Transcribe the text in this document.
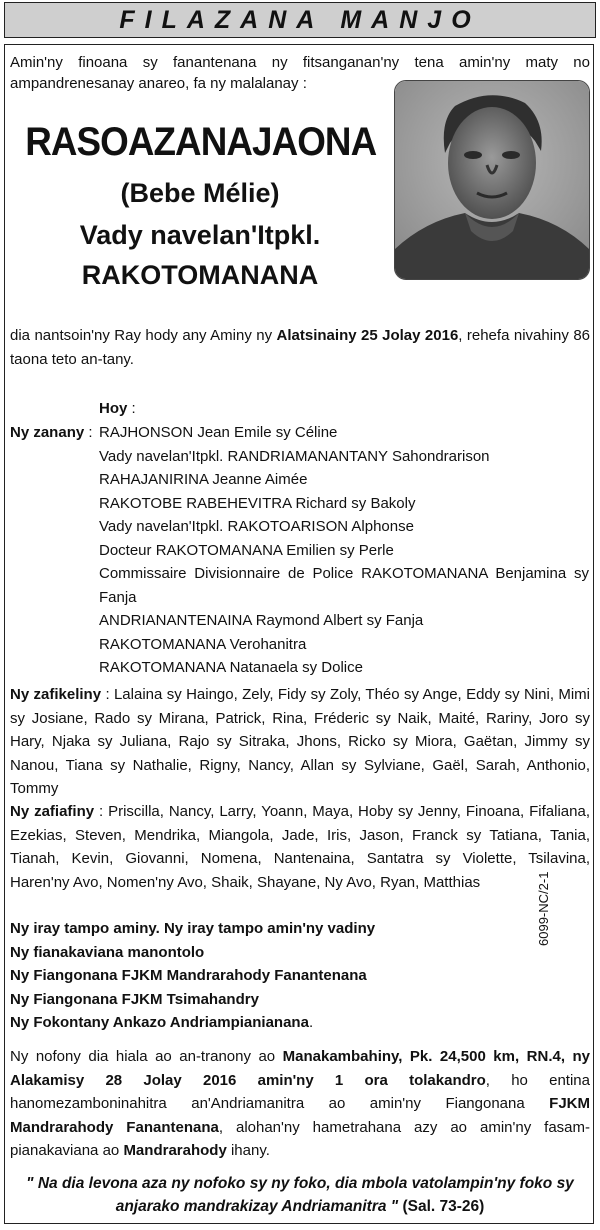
FILAZANA MANJO
Amin'ny finoana sy fanantenana ny fitsanganan'ny tena amin'ny maty no ampandrenesanay anareo, fa ny malalanay :
RASOAZANAJAONA
(Bebe Mélie)
Vady navelan'Itpkl.
RAKOTOMANANA
dia nantsoin'ny Ray hody any Aminy ny Alatsinainy 25 Jolay 2016, rehefa nivahiny 86 taona teto an-tany.
Hoy :
Ny zanany : RAJHONSON Jean Emile sy Céline
Vady navelan'Itpkl. RANDRIAMANANTANY Sahondrarison
RAHAJANIRINA Jeanne Aimée
RAKOTOBE RABEHEVITRA Richard sy Bakoly
Vady navelan'Itpkl. RAKOTOARISON Alphonse
Docteur RAKOTOMANANA Emilien sy Perle
Commissaire Divisionnaire de Police RAKOTOMANANA Benjamina sy Fanja
ANDRIANANTENAINA Raymond Albert sy Fanja
RAKOTOMANANA Verohanitra
RAKOTOMANANA Natanaela sy Dolice
Ny zafikeliny : Lalaina sy Haingo, Zely, Fidy sy Zoly, Théo sy Ange, Eddy sy Nini, Mimi sy Josiane, Rado sy Mirana, Patrick, Rina, Fréderic sy Naik, Maité, Rariny, Joro sy Hary, Njaka sy Juliana, Rajo sy Sitraka, Jhons, Ricko sy Miora, Gaëtan, Jimmy sy Nanou, Tiana sy Nathalie, Rigny, Nancy, Allan sy Sylviane, Gaël, Sarah, Anthonio, Tommy
Ny zafiafiny : Priscilla, Nancy, Larry, Yoann, Maya, Hoby sy Jenny, Finoana, Fifaliana, Ezekias, Steven, Mendrika, Miangola, Jade, Iris, Jason, Franck sy Tatiana, Tania, Tianah, Kevin, Giovanni, Nomena, Nantenaina, Santatra sy Violette, Tsilavina, Haren'ny Avo, Nomen'ny Avo, Shaik, Shayane, Ny Avo, Ryan, Matthias
Ny iray tampo aminy. Ny iray tampo amin'ny vadiny
Ny fianakaviana manontolo
Ny Fiangonana FJKM Mandrarahody Fanantenana
Ny Fiangonana FJKM Tsimahandry
Ny Fokontany Ankazo Andriampianianana.
6099-NC/2-1
Ny nofony dia hiala ao an-tranony ao Manakambahiny, Pk. 24,500 km, RN.4, ny Alakamisy 28 Jolay 2016 amin'ny 1 ora tolakandro, ho entina hanomezamboninahitra an'Andriamanitra ao amin'ny Fiangonana FJKM Mandrarahody Fanantenana, alohan'ny hametrahana azy ao amin'ny fasam-pianakaviana ao Mandrarahody ihany.
" Na dia levona aza ny nofoko sy ny foko, dia mbola vatolampin'ny foko sy anjarako mandrakizay Andriamanitra " (Sal. 73-26)
